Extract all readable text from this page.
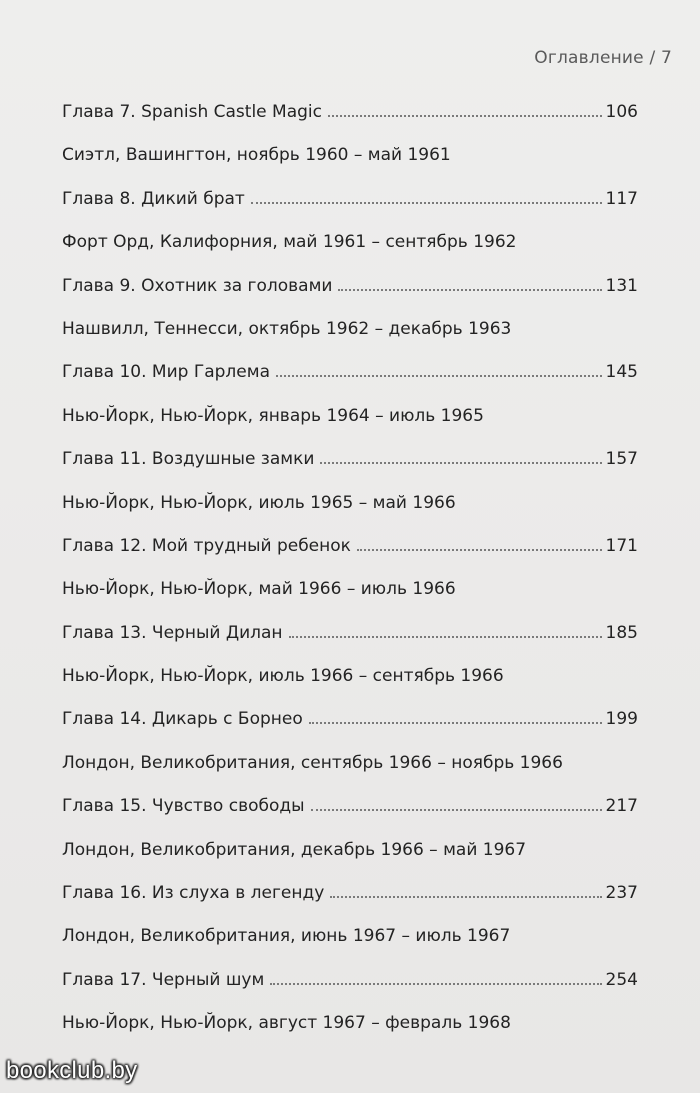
Оглавление / 7
Глава 7. Spanish Castle Magic	106
Сиэтл, Вашингтон, ноябрь 1960 – май 1961
Глава 8. Дикий брат	117
Форт Орд, Калифорния, май 1961 – сентябрь 1962
Глава 9. Охотник за головами	131
Нашвилл, Теннесси, октябрь 1962 – декабрь 1963
Глава 10. Мир Гарлема	145
Нью-Йорк, Нью-Йорк, январь 1964 – июль 1965
Глава 11. Воздушные замки	157
Нью-Йорк, Нью-Йорк, июль 1965 – май 1966
Глава 12. Мой трудный ребенок	171
Нью-Йорк, Нью-Йорк, май 1966 – июль 1966
Глава 13. Черный Дилан	185
Нью-Йорк, Нью-Йорк, июль 1966 – сентябрь 1966
Глава 14. Дикарь с Борнео	199
Лондон, Великобритания, сентябрь 1966 – ноябрь 1966
Глава 15. Чувство свободы	217
Лондон, Великобритания, декабрь 1966 – май 1967
Глава 16. Из слуха в легенду	237
Лондон, Великобритания, июнь 1967 – июль 1967
Глава 17. Черный шум	254
Нью-Йорк, Нью-Йорк, август 1967 – февраль 1968
bookclub.by
